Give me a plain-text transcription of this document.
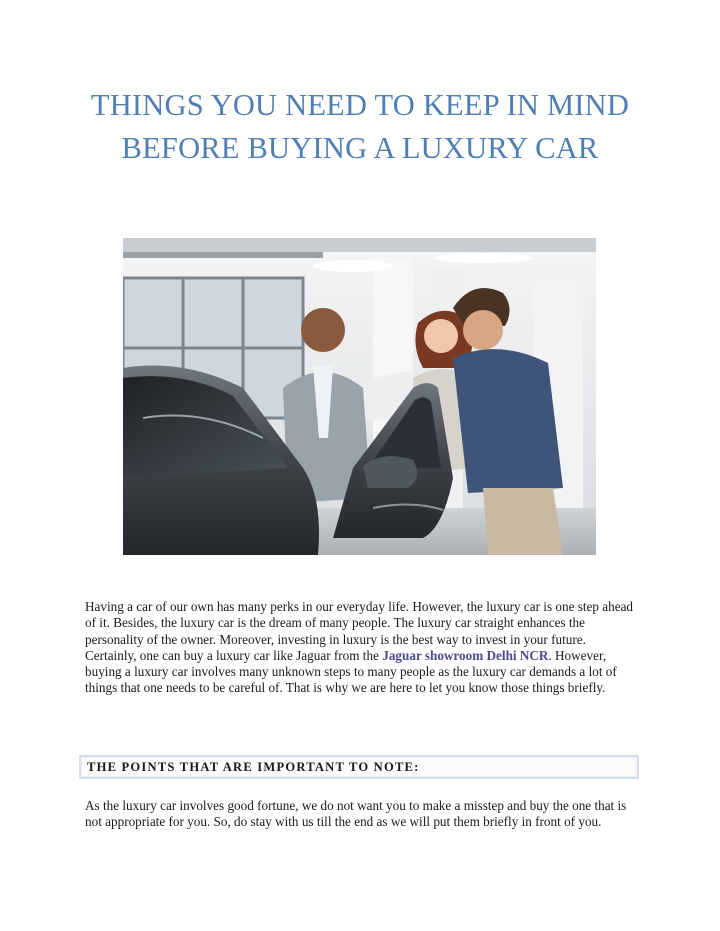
THINGS YOU NEED TO KEEP IN MIND BEFORE BUYING A LUXURY CAR

Having a car of our own has many perks in our everyday life. However, the luxury car is one step ahead of it. Besides, the luxury car is the dream of many people. The luxury car straight enhances the personality of the owner. Moreover, investing in luxury is the best way to invest in your future. Certainly, one can buy a luxury car like Jaguar from the Jaguar showroom Delhi NCR. However, buying a luxury car involves many unknown steps to many people as the luxury car demands a lot of things that one needs to be careful of. That is why we are here to let you know those things briefly.

THE POINTS THAT ARE IMPORTANT TO NOTE:

As the luxury car involves good fortune, we do not want you to make a misstep and buy the one that is not appropriate for you. So, do stay with us till the end as we will put them briefly in front of you.
